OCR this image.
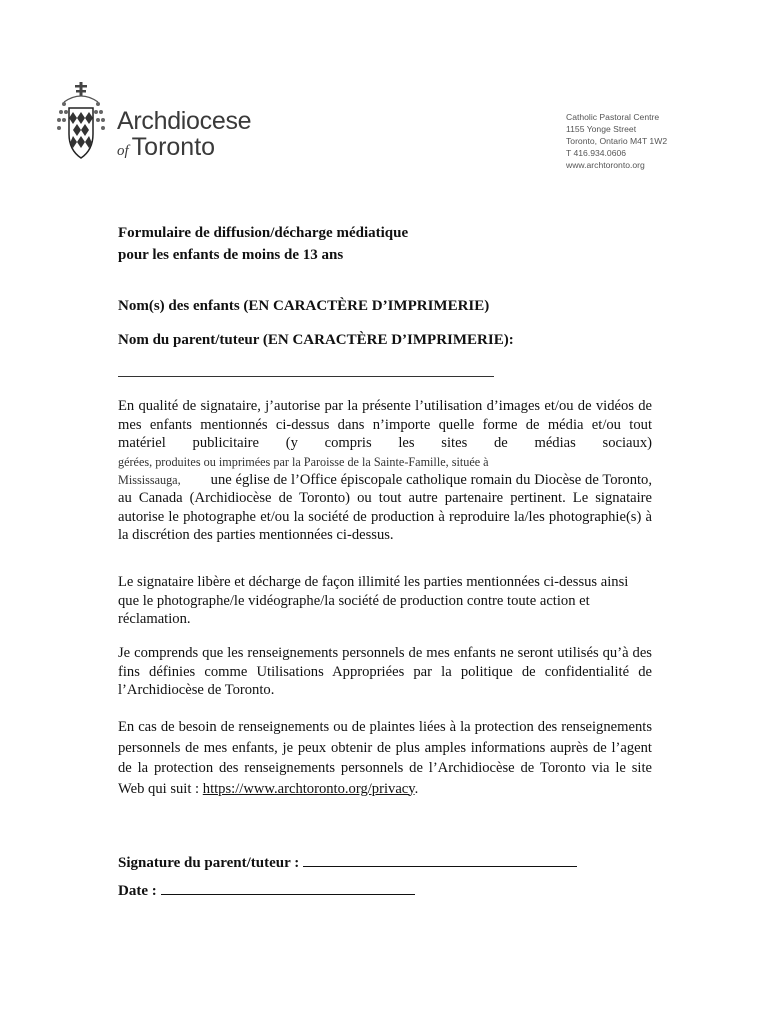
Archdiocese
of Toronto
Catholic Pastoral Centre
1155 Yonge Street
Toronto, Ontario M4T 1W2
T 416.934.0606
www.archtoronto.org
Formulaire de diffusion/décharge médiatique
pour les enfants de moins de 13 ans
Nom(s) des enfants (EN CARACTÈRE D’IMPRIMERIE)
Nom du parent/tuteur (EN CARACTÈRE D’IMPRIMERIE):
En qualité de signataire, j’autorise par la présente l’utilisation d’images et/ou de vidéos de mes enfants mentionnés ci-dessus dans n’importe quelle forme de média et/ou tout matériel publicitaire (y compris les sites de médias sociaux)
gérées, produites ou imprimées par la Paroisse de la Sainte-Famille, située à
Mississauga, une église de l’Office épiscopale catholique romain du Diocèse de Toronto, au Canada (Archidiocèse de Toronto) ou tout autre partenaire pertinent. Le signataire autorise le photographe et/ou la société de production à reproduire la/les photographie(s) à la discrétion des parties mentionnées ci-dessus.
Le signataire libère et décharge de façon illimité les parties mentionnées ci-dessus ainsi que le photographe/le vidéographe/la société de production contre toute action et réclamation.
Je comprends que les renseignements personnels de mes enfants ne seront utilisés qu’à des fins définies comme Utilisations Appropriées par la politique de confidentialité de l’Archidiocèse de Toronto.
En cas de besoin de renseignements ou de plaintes liées à la protection des renseignements personnels de mes enfants, je peux obtenir de plus amples informations auprès de l’agent de la protection des renseignements personnels de l’Archidiocèse de Toronto via le site Web qui suit : https://www.archtoronto.org/privacy.
Signature du parent/tuteur :
Date :
